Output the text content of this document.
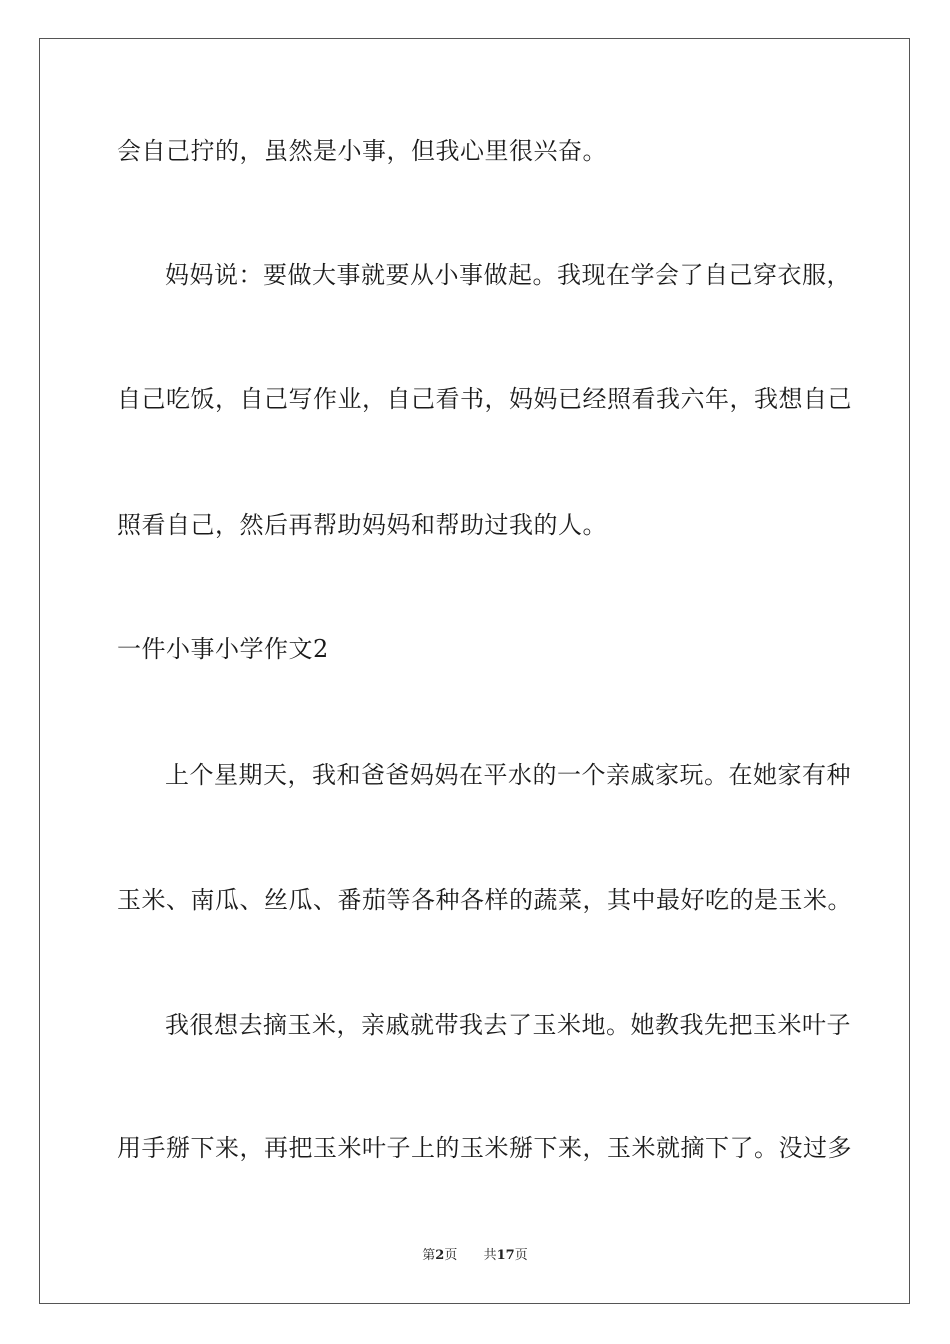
会自己拧的，虽然是小事，但我心里很兴奋。
妈妈说：要做大事就要从小事做起。我现在学会了自己穿衣服，
自己吃饭，自己写作业，自己看书，妈妈已经照看我六年，我想自己
照看自己，然后再帮助妈妈和帮助过我的人。
一件小事小学作文2
上个星期天，我和爸爸妈妈在平水的一个亲戚家玩。在她家有种
玉米、南瓜、丝瓜、番茄等各种各样的蔬菜，其中最好吃的是玉米。
我很想去摘玉米，亲戚就带我去了玉米地。她教我先把玉米叶子
用手掰下来，再把玉米叶子上的玉米掰下来，玉米就摘下了。没过多
第2页 共17页
